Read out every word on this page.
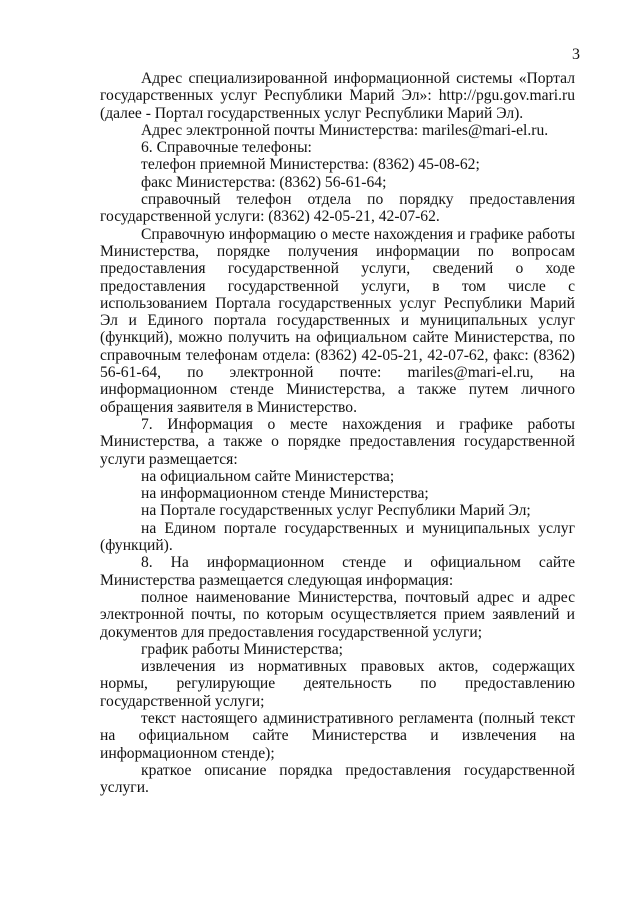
3

Адрес специализированной информационной системы «Портал государственных услуг Республики Марий Эл»: http://pgu.gov.mari.ru (далее - Портал государственных услуг Республики Марий Эл).

Адрес электронной почты Министерства: mariles@mari-el.ru.

6. Справочные телефоны:

телефон приемной Министерства: (8362) 45-08-62;

факс Министерства: (8362) 56-61-64;

справочный телефон отдела по порядку предоставления государственной услуги: (8362) 42-05-21, 42-07-62.

Справочную информацию о месте нахождения и графике работы Министерства, порядке получения информации по вопросам предоставления государственной услуги, сведений о ходе предоставления государственной услуги, в том числе с использованием Портала государственных услуг Республики Марий Эл и Единого портала государственных и муниципальных услуг (функций), можно получить на официальном сайте Министерства, по справочным телефонам отдела: (8362) 42-05-21, 42-07-62, факс: (8362) 56-61-64, по электронной почте: mariles@mari-el.ru, на информационном стенде Министерства, а также путем личного обращения заявителя в Министерство.

7. Информация о месте нахождения и графике работы Министерства, а также о порядке предоставления государственной услуги размещается:

на официальном сайте Министерства;

на информационном стенде Министерства;

на Портале государственных услуг Республики Марий Эл;

на Едином портале государственных и муниципальных услуг (функций).

8. На информационном стенде и официальном сайте Министерства размещается следующая информация:

полное наименование Министерства, почтовый адрес и адрес электронной почты, по которым осуществляется прием заявлений и документов для предоставления государственной услуги;

график работы Министерства;

извлечения из нормативных правовых актов, содержащих нормы, регулирующие деятельность по предоставлению государственной услуги;

текст настоящего административного регламента (полный текст на официальном сайте Министерства и извлечения на информационном стенде);

краткое описание порядка предоставления государственной услуги.
